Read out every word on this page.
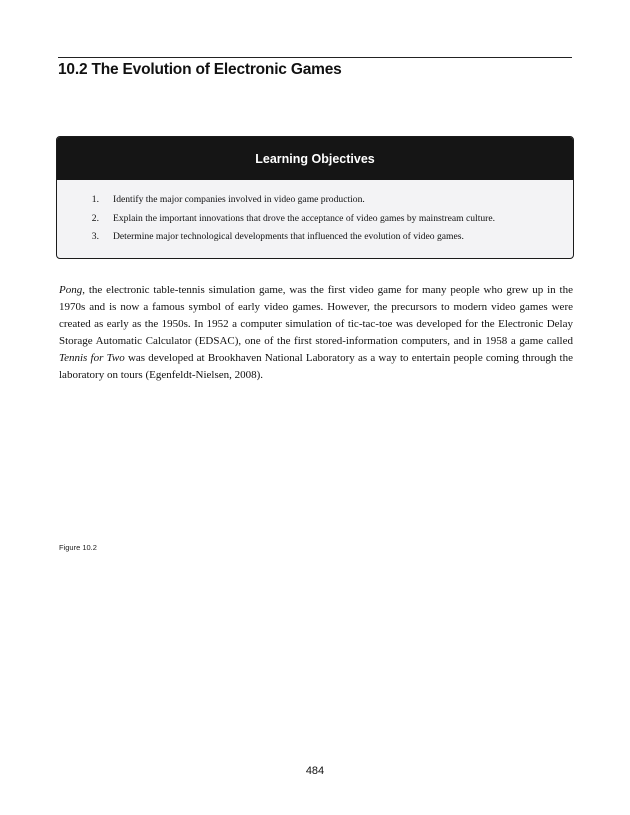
10.2 The Evolution of Electronic Games
Learning Objectives
1.	Identify the major companies involved in video game production.
2.	Explain the important innovations that drove the acceptance of video games by mainstream culture.
3.	Determine major technological developments that influenced the evolution of video games.

Pong, the electronic table-tennis simulation game, was the first video game for many people who grew up in the 1970s and is now a famous symbol of early video games. However, the precursors to modern video games were created as early as the 1950s. In 1952 a computer simulation of tic-tac-toe was developed for the Electronic Delay Storage Automatic Calculator (EDSAC), one of the first stored-information computers, and in 1958 a game called Tennis for Two was developed at Brookhaven National Laboratory as a way to entertain people coming through the laboratory on tours (Egenfeldt-Nielsen, 2008).

Figure 10.2
484
